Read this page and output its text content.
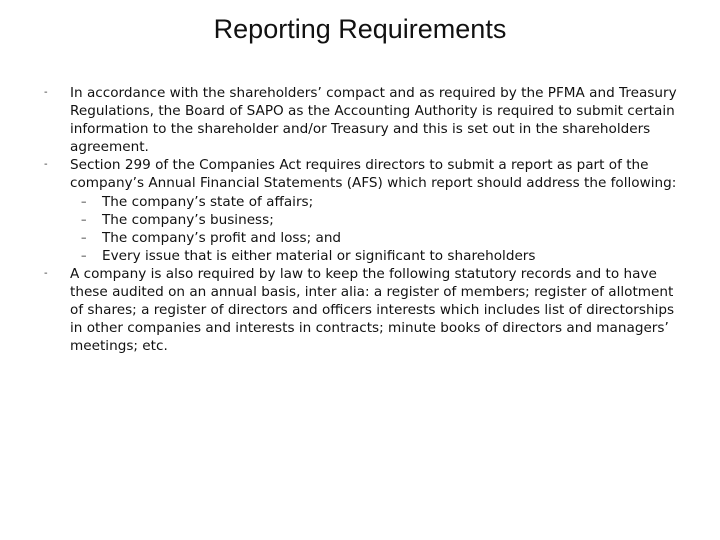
Reporting Requirements
- In accordance with the shareholders’ compact and as required by the PFMA and Treasury Regulations, the Board of SAPO as the Accounting Authority is required to submit certain information to the shareholder and/or Treasury and this is set out in the shareholders agreement.
- Section 299 of the Companies Act requires directors to submit a report as part of the company’s Annual Financial Statements (AFS) which report should address the following:
– The company’s state of affairs;
– The company’s business;
– The company’s profit and loss; and
– Every issue that is either material or significant to shareholders
- A company is also required by law to keep the following statutory records and to have these audited on an annual basis, inter alia: a register of members; register of allotment of shares; a register of directors and officers interests which includes list of directorships in other companies and interests in contracts; minute books of directors and managers’ meetings; etc.
